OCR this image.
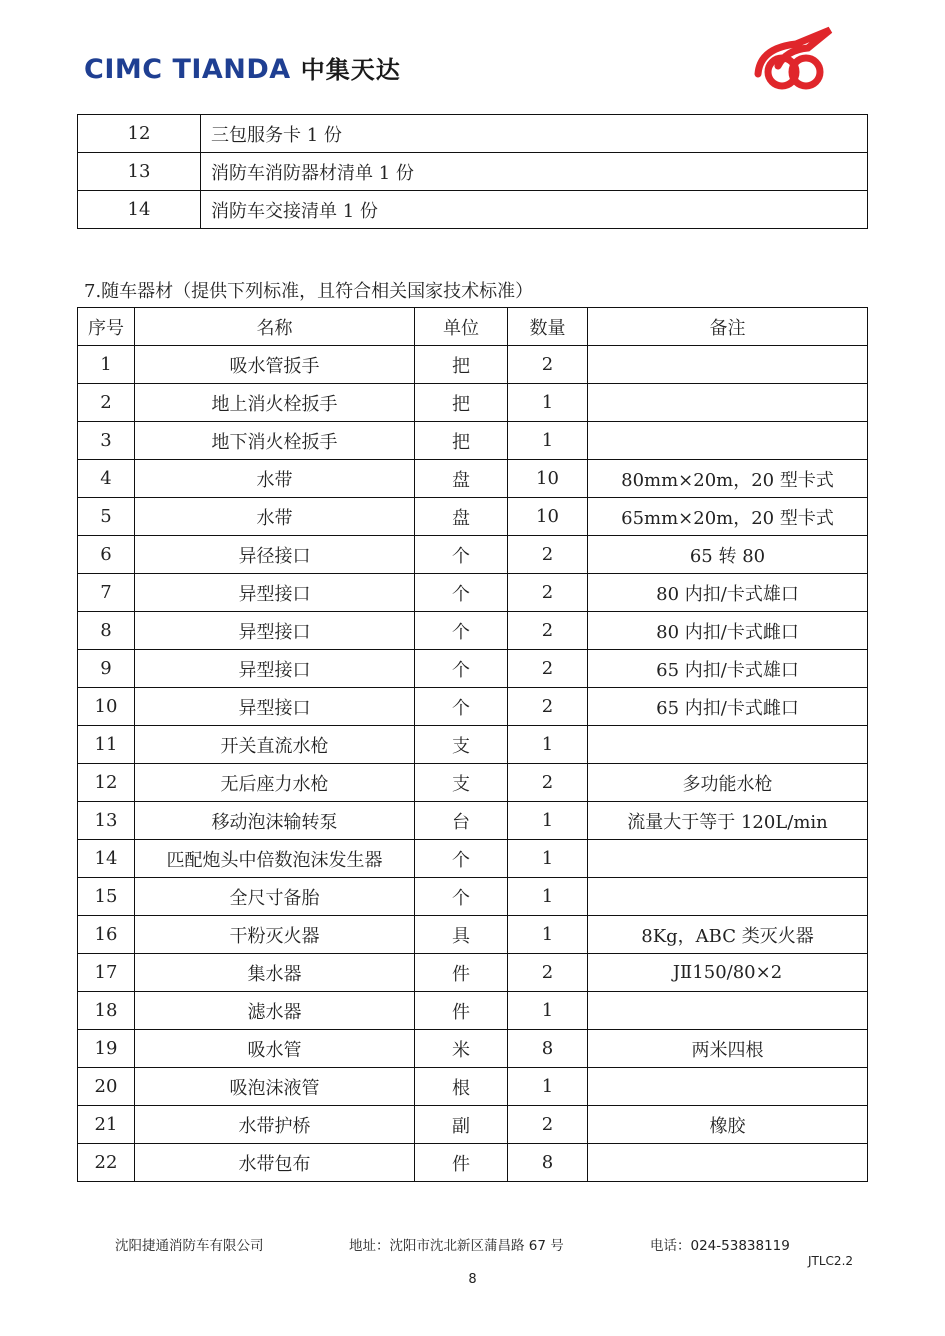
CIMC TIANDA 中集天达
12	三包服务卡 1 份
13	消防车消防器材清单 1 份
14	消防车交接清单 1 份
7.随车器材（提供下列标准，且符合相关国家技术标准）
序号	名称	单位	数量	备注
1	吸水管扳手	把	2	
2	地上消火栓扳手	把	1	
3	地下消火栓扳手	把	1	
4	水带	盘	10	80mm×20m，20 型卡式
5	水带	盘	10	65mm×20m，20 型卡式
6	异径接口	个	2	65 转 80
7	异型接口	个	2	80 内扣/卡式雄口
8	异型接口	个	2	80 内扣/卡式雌口
9	异型接口	个	2	65 内扣/卡式雄口
10	异型接口	个	2	65 内扣/卡式雌口
11	开关直流水枪	支	1	
12	无后座力水枪	支	2	多功能水枪
13	移动泡沫输转泵	台	1	流量大于等于 120L/min
14	匹配炮头中倍数泡沫发生器	个	1	
15	全尺寸备胎	个	1	
16	干粉灭火器	具	1	8Kg，ABC 类灭火器
17	集水器	件	2	JⅡ150/80×2
18	滤水器	件	1	
19	吸水管	米	8	两米四根
20	吸泡沫液管	根	1	
21	水带护桥	副	2	橡胶
22	水带包布	件	8	
沈阳捷通消防车有限公司	地址：沈阳市沈北新区蒲昌路 67 号	电话：024-53838119
JTLC2.2
8
